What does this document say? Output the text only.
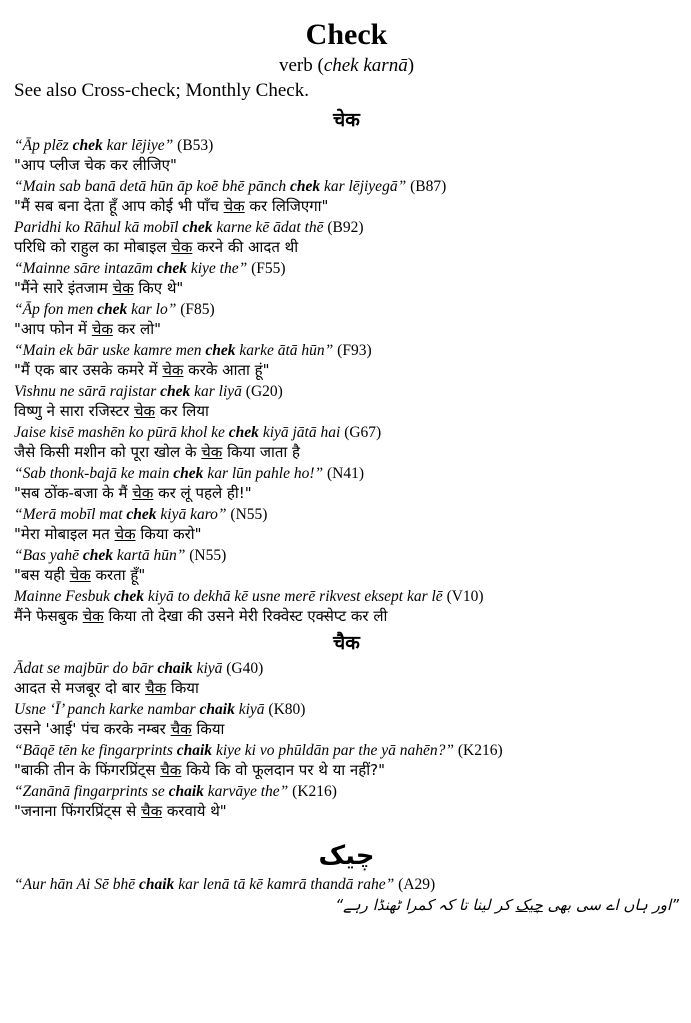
Check
verb (chek karnā)
See also Cross-check; Monthly Check.
चेक
“Āp plēz chek kar lējiye” (B53)
"आप प्लीज चेक कर लीजिए"
“Main sab banā detā hūn āp koē bhē pānch chek kar lējiyegā” (B87)
"मैं सब बना देता हूँ आप कोई भी पाँच चेक कर लिजिएगा"
Paridhi ko Rāhul kā mobīl chek karne kē ādat thē (B92)
परिधि को राहुल का मोबाइल चेक करने की आदत थी
“Mainne sāre intazām chek kiye the” (F55)
"मैंने सारे इंतजाम चेक किए थे"
“Āp fon men chek kar lo” (F85)
"आप फोन में चेक कर लो"
“Main ek bār uske kamre men chek karke ātā hūn” (F93)
"मैं एक बार उसके कमरे में चेक करके आता हूं"
Vishnu ne sārā rajistar chek kar liyā (G20)
विष्णु ने सारा रजिस्टर चेक कर लिया
Jaise kisē mashēn ko pūrā khol ke chek kiyā jātā hai (G67)
जैसे किसी मशीन को पूरा खोल के चेक किया जाता है
“Sab thonk-bajā ke main chek kar lūn pahle ho!” (N41)
"सब ठोंक-बजा के मैं चेक कर लूं पहले ही!"
“Merā mobīl mat chek kiyā karo” (N55)
"मेरा मोबाइल मत चेक किया करो"
“Bas yahē chek kartā hūn” (N55)
"बस यही चेक करता हूँ"
Mainne Fesbuk chek kiyā to dekhā kē usne merē rikvest eksept kar lē (V10)
मैंने फेसबुक चेक किया तो देखा की उसने मेरी रिक्वेस्ट एक्सेप्ट कर ली
चैक
Ādat se majbūr do bār chaik kiyā (G40)
आदत से मजबूर दो बार चैक किया
Usne ‘Ī’ panch karke nambar chaik kiyā (K80)
उसने 'आई' पंच करके नम्बर चैक किया
“Bāqē tēn ke fingarprints chaik kiye ki vo phūldān par the yā nahēn?” (K216)
"बाकी तीन के फिंगरप्रिंट्स चैक किये कि वो फूलदान पर थे या नहीं?"
“Zanānā fingarprints se chaik karvāye the” (K216)
"जनाना फिंगरप्रिंट्स से चैक करवाये थे"
چیک
“Aur hān Ai Sē bhē chaik kar lenā tā kē kamrā thandā rahe” (A29)
”اور ہاں اے سی بھی چیک کر لینا تا کہ کمرا ٹھنڈا رہے“
